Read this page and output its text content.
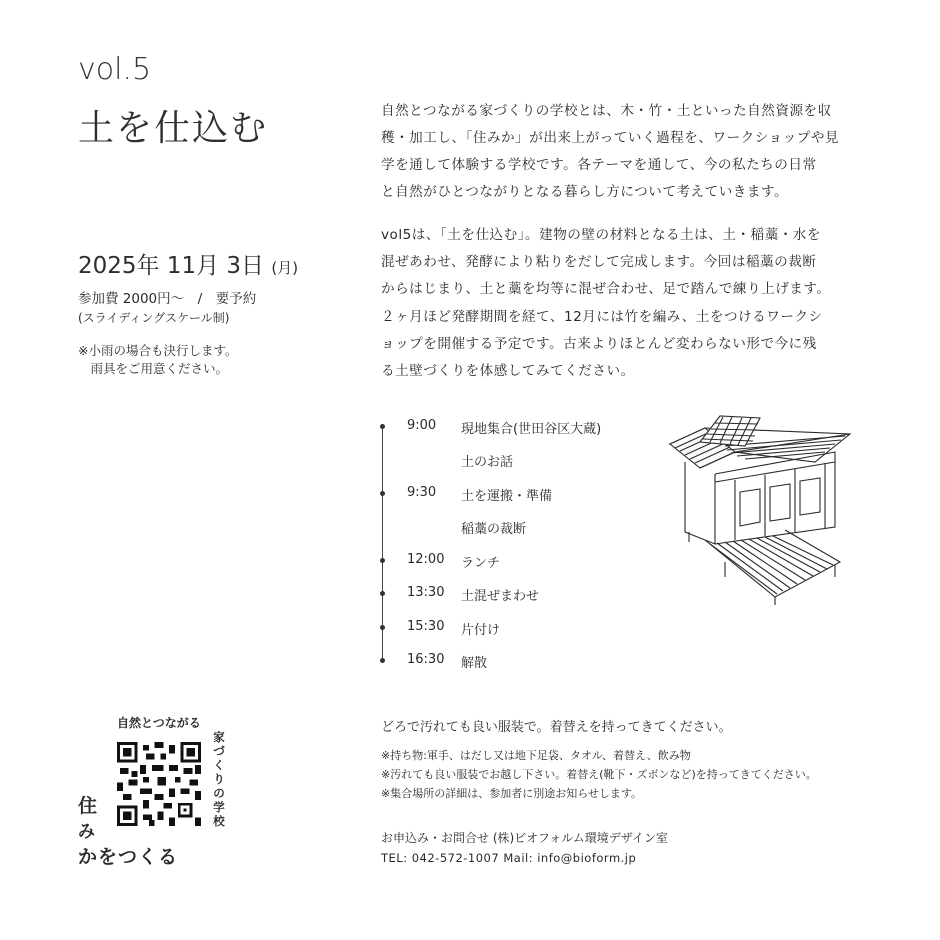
vol.5
土を仕込む
2025年 11月 3日 (月)
参加費 2000円～　/　要予約
(スライディングスケール制)
※小雨の場合も決行します。
　雨具をご用意ください。
自然とつながる家づくりの学校とは、木・竹・土といった自然資源を収
穫・加工し、「住みか」が出来上がっていく過程を、ワークショップや見
学を通して体験する学校です。各テーマを通して、今の私たちの日常
と自然がひとつながりとなる暮らし方について考えていきます。
vol5は、「土を仕込む」。建物の壁の材料となる土は、土・稲藁・水を
混ぜあわせ、発酵により粘りをだして完成します。今回は稲藁の裁断
からはじまり、土と藁を均等に混ぜ合わせ、足で踏んで練り上げます。
２ヶ月ほど発酵期間を経て、12月には竹を編み、土をつけるワークシ
ョップを開催する予定です。古来よりほとんど変わらない形で今に残
る土壁づくりを体感してみてください。
9:00	現地集合(世田谷区大蔵)
土のお話
9:30	土を運搬・準備
稲藁の裁断
12:00	ランチ
13:30	土混ぜまわせ
15:30	片付け
16:30	解散
どろで汚れても良い服装で。着替えを持ってきてください。
※持ち物:軍手、はだし又は地下足袋、タオル、着替え、飲み物
※汚れても良い服装でお越し下さい。着替え(靴下・ズボンなど)を持ってきてください。
※集合場所の詳細は、参加者に別途お知らせします。
お申込み・お問合せ (株)ビオフォルム環境デザイン室
TEL: 042-572-1007 Mail: info@bioform.jp
自然とつながる
家
づ
く
り
の
学
校
住
み
かをつくる
